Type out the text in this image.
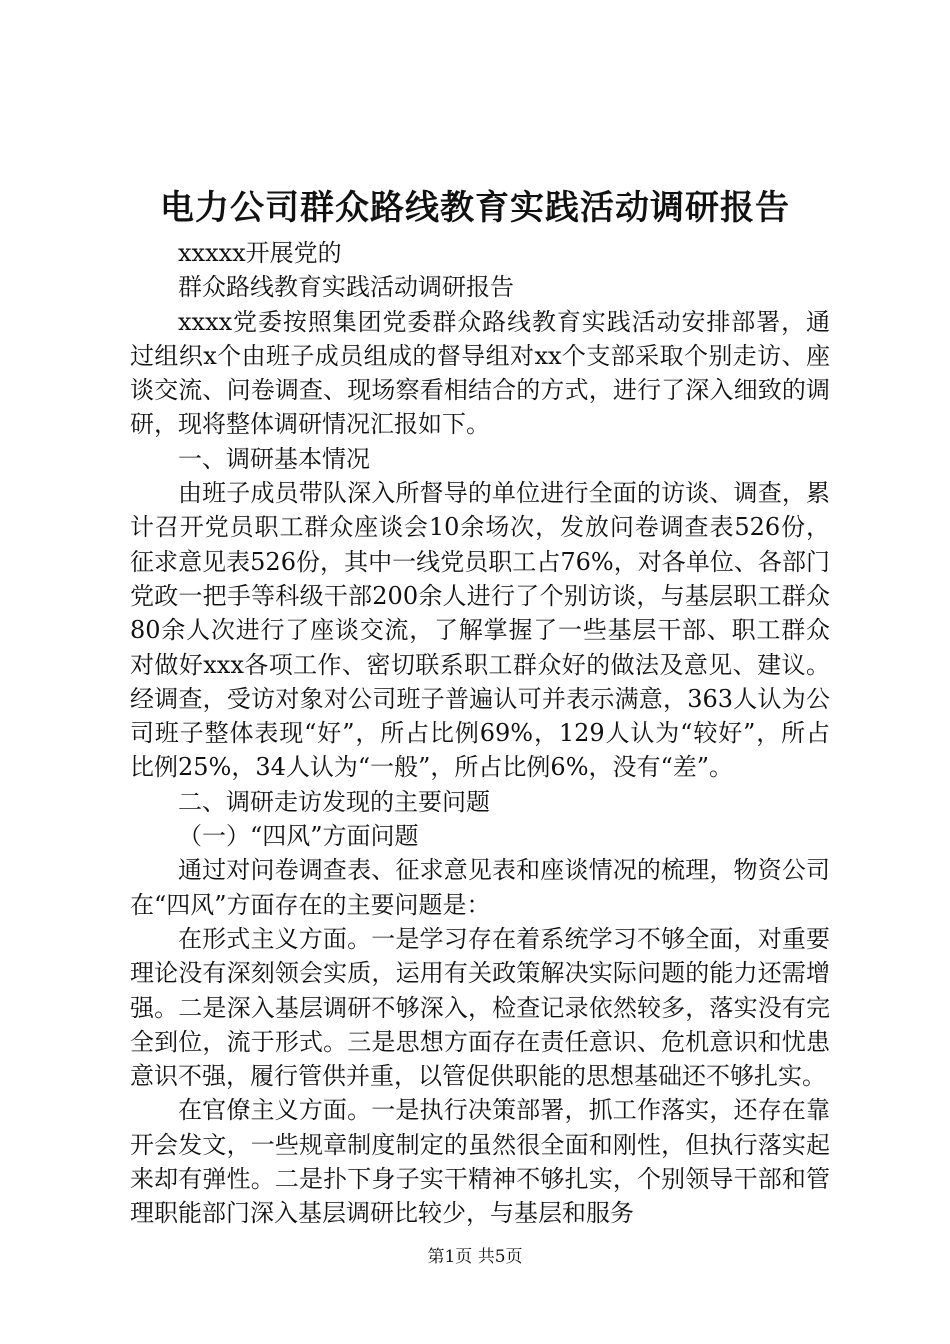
电力公司群众路线教育实践活动调研报告

xxxxx开展党的

群众路线教育实践活动调研报告

xxxx党委按照集团党委群众路线教育实践活动安排部署，通过组织x个由班子成员组成的督导组对xx个支部采取个别走访、座谈交流、问卷调查、现场察看相结合的方式，进行了深入细致的调研，现将整体调研情况汇报如下。

一、调研基本情况

由班子成员带队深入所督导的单位进行全面的访谈、调查，累计召开党员职工群众座谈会10余场次，发放问卷调查表526份，征求意见表526份，其中一线党员职工占76%，对各单位、各部门党政一把手等科级干部200余人进行了个别访谈，与基层职工群众80余人次进行了座谈交流，了解掌握了一些基层干部、职工群众对做好xxx各项工作、密切联系职工群众好的做法及意见、建议。经调查，受访对象对公司班子普遍认可并表示满意，363人认为公司班子整体表现“好”，所占比例69%，129人认为“较好”，所占比例25%，34人认为“一般”，所占比例6%，没有“差”。

二、调研走访发现的主要问题

（一）“四风”方面问题

通过对问卷调查表、征求意见表和座谈情况的梳理，物资公司在“四风”方面存在的主要问题是：

在形式主义方面。一是学习存在着系统学习不够全面，对重要理论没有深刻领会实质，运用有关政策解决实际问题的能力还需增强。二是深入基层调研不够深入，检查记录依然较多，落实没有完全到位，流于形式。三是思想方面存在责任意识、危机意识和忧患意识不强，履行管供并重，以管促供职能的思想基础还不够扎实。

在官僚主义方面。一是执行决策部署，抓工作落实，还存在靠开会发文，一些规章制度制定的虽然很全面和刚性，但执行落实起来却有弹性。二是扑下身子实干精神不够扎实，个别领导干部和管理职能部门深入基层调研比较少，与基层和服务

第1页 共5页
